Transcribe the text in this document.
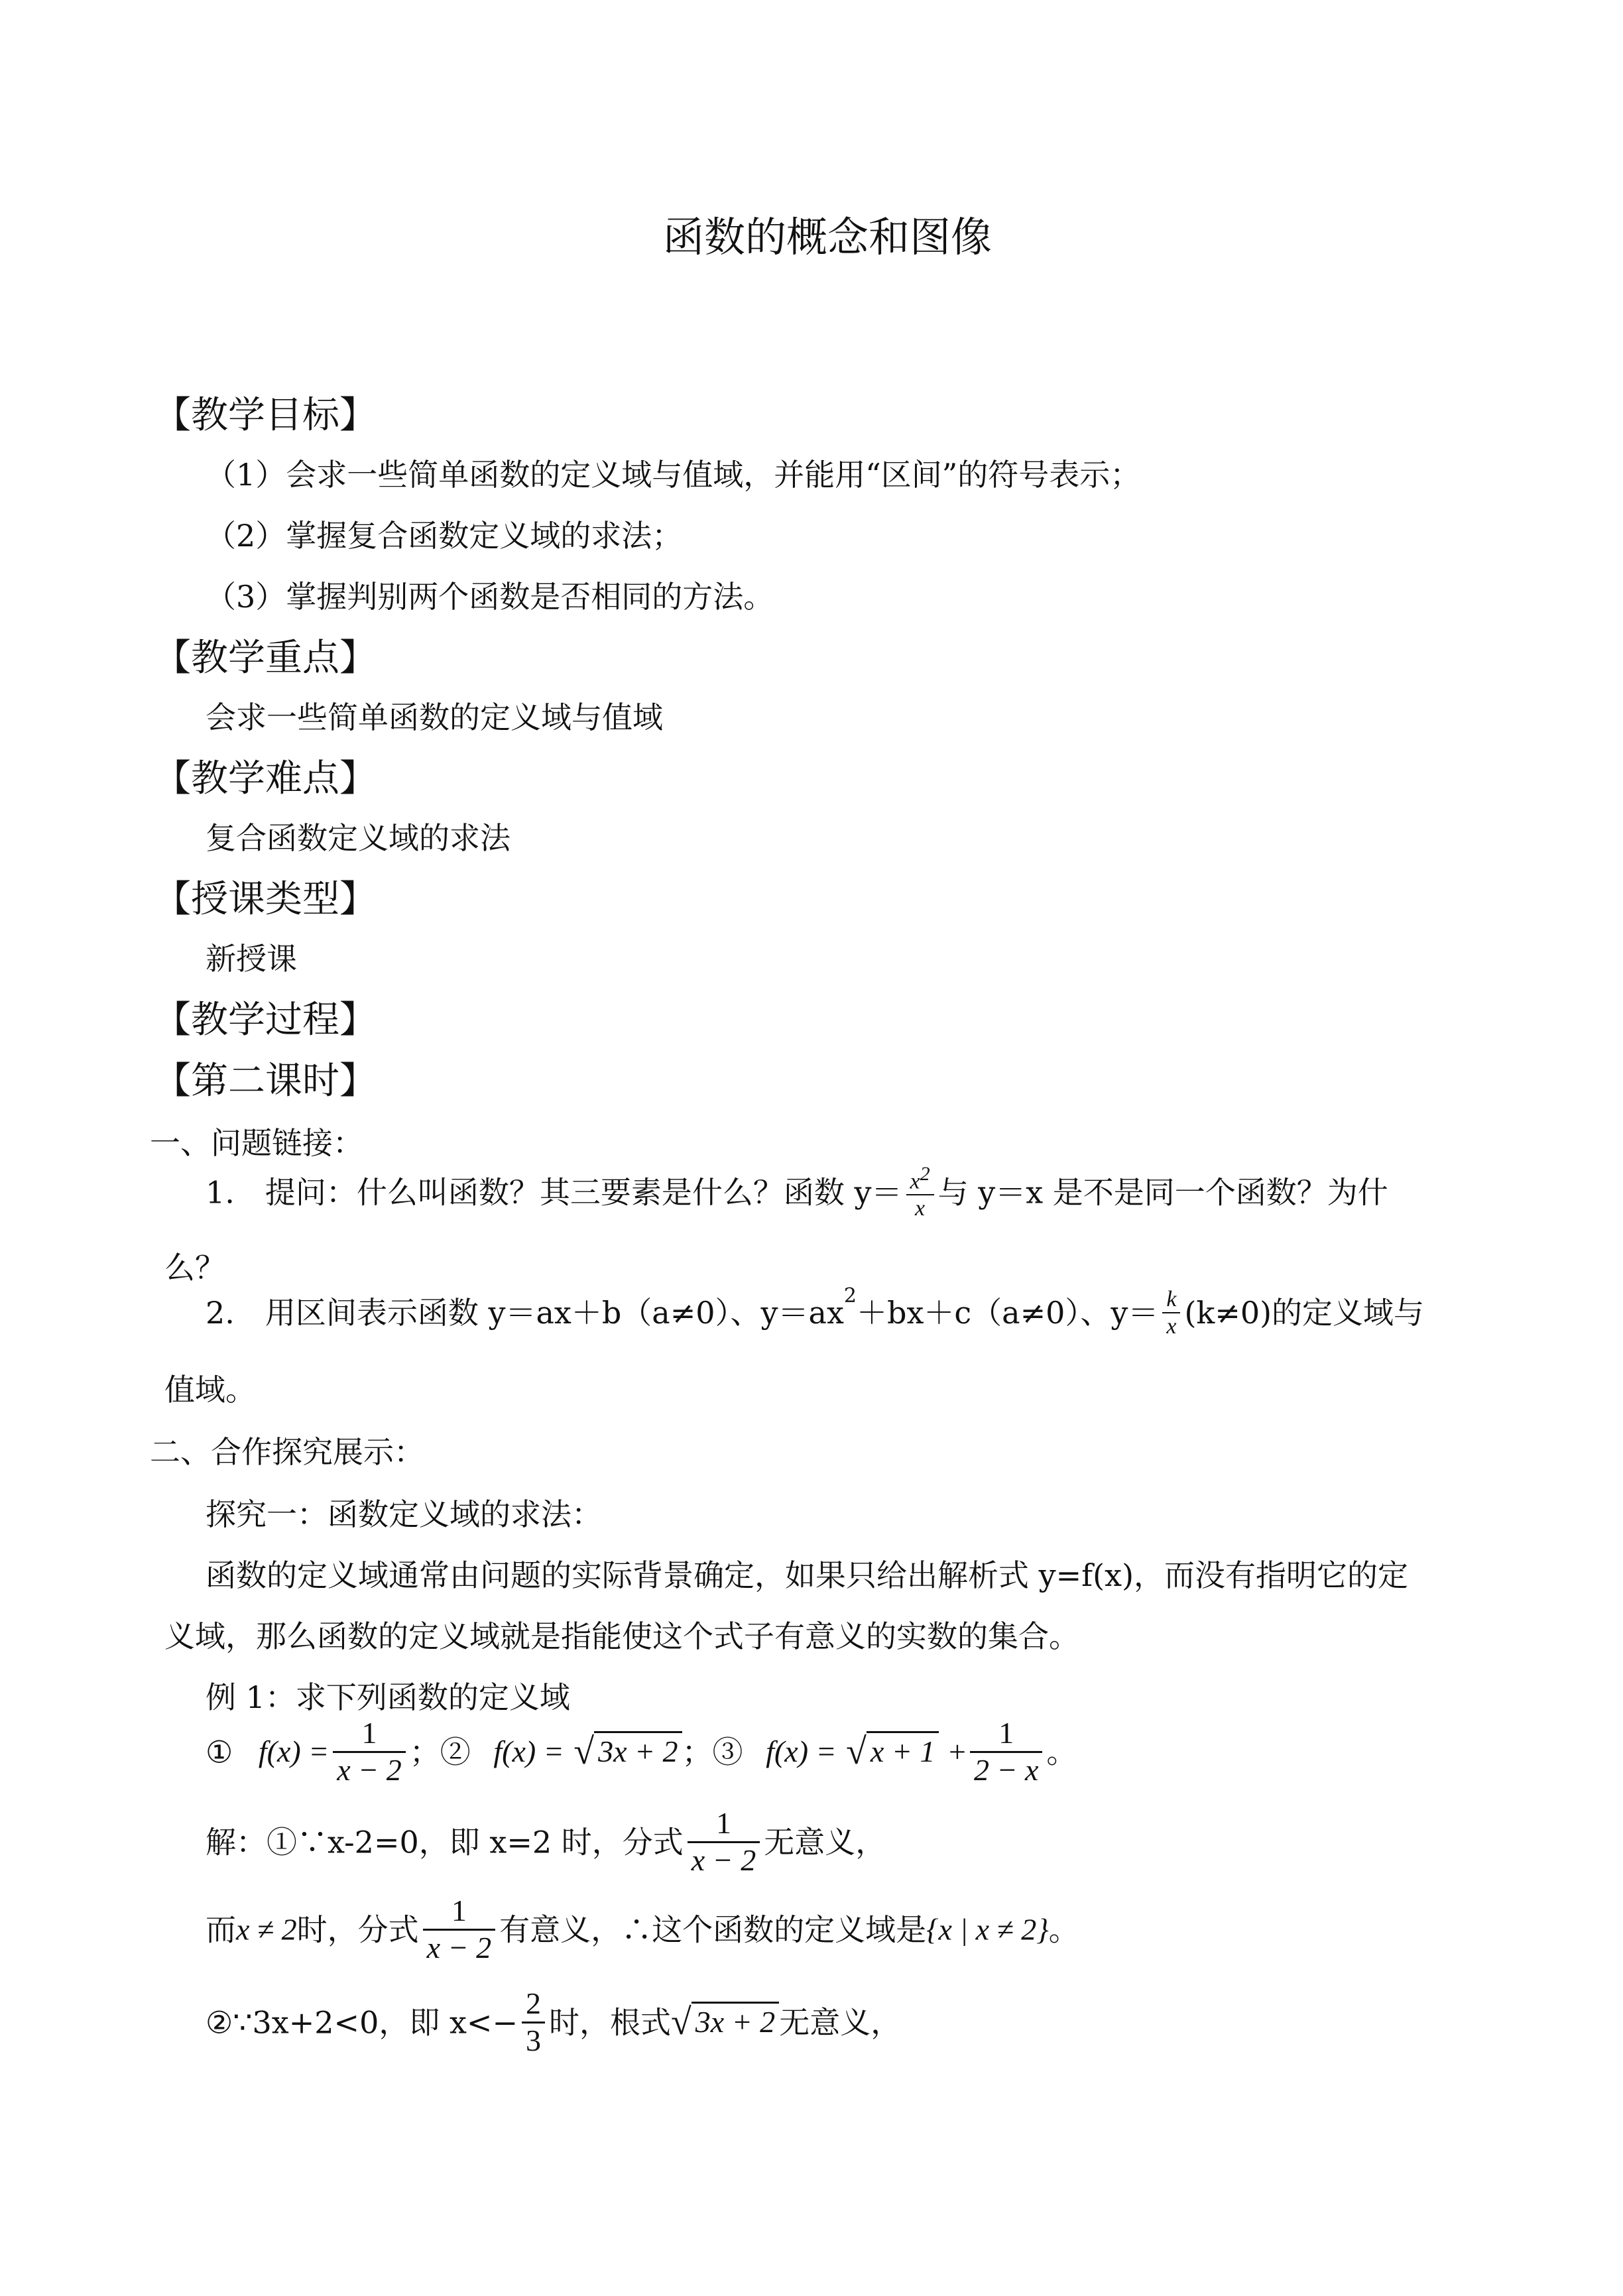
函数的概念和图像
【教学目标】
（1）会求一些简单函数的定义域与值域，并能用“区间”的符号表示；
（2）掌握复合函数定义域的求法；
（3）掌握判别两个函数是否相同的方法。
【教学重点】
会求一些简单函数的定义域与值域
【教学难点】
复合函数定义域的求法
【授课类型】
新授课
【教学过程】
【第二课时】
一、问题链接：
1.　提问：什么叫函数？其三要素是什么？函数 $y= \frac{x2}{x}$ 与 y＝x 是不是同一个函数？为什
么？
2.　用区间表示函数 y＝ax＋b（a≠0）、$y=ax^2+bx+c(a\ne 0)$、$y= \frac{k}{x} (k\ne 0)$的定义域与
值域。
二、合作探究展示：
探究一：函数定义域的求法：
函数的定义域通常由问题的实际背景确定，如果只给出解析式 y=f(x)，而没有指明它的定
义域，那么函数的定义域就是指能使这个式子有意义的实数的集合。
例 1：求下列函数的定义域
① $f(x) = \frac{1}{x - 2}$ ；② f(x) = √ 3x + 2 ；③ f(x) = √ $x + 1 + \frac{1}{2 - x}$ 。
解：①∵x-2=0，即 x=2 时，分式 $\frac{1}{x - 2}$ 无意义，
而x ≠ 2时，分式 $\frac{1}{x - 2}$ 有意义，∴这个函数的定义域是{x | x ≠ 2}。
②∵3x+2<0，即 $x<- \frac{2}{3}$ 时，根式√ 3x + 2 无意义，
